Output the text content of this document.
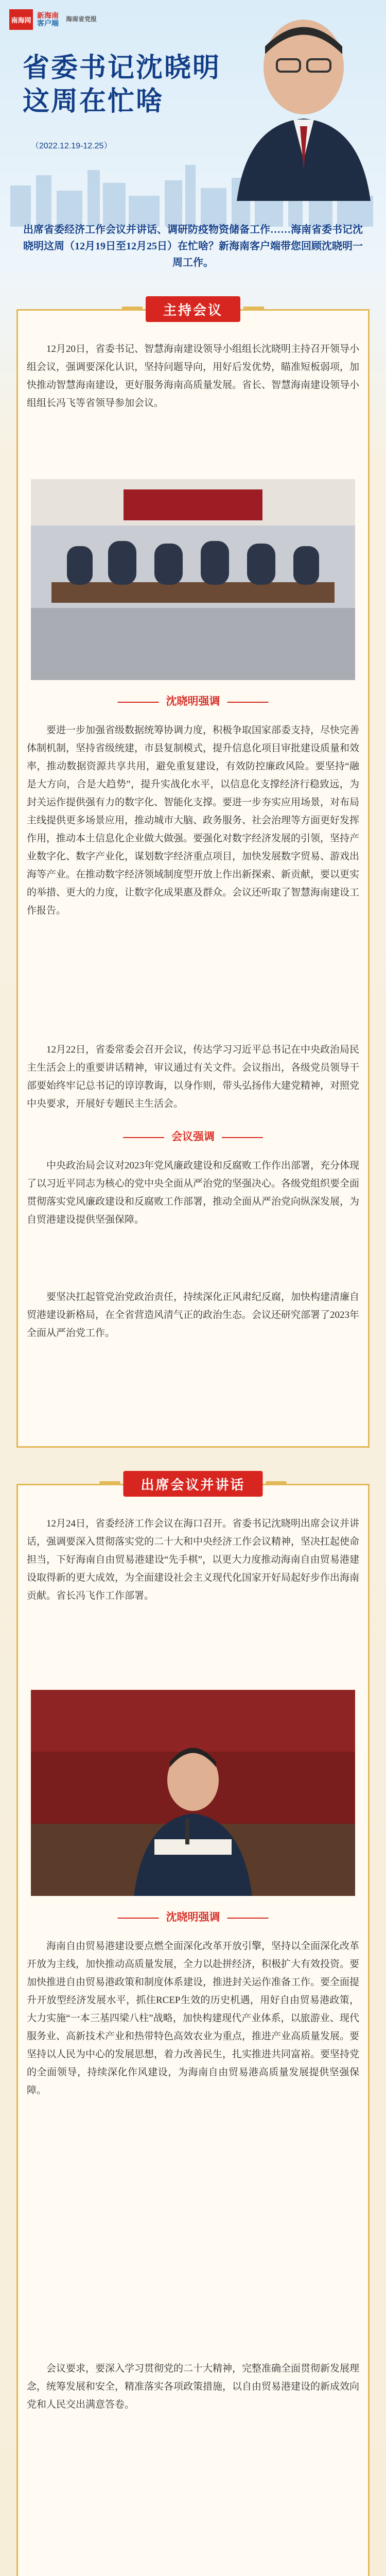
南海网
新海南
客户端 海南省党报
省委书记沈晓明这周在忙啥
（2022.12.19-12.25）
出席省委经济工作会议并讲话、调研防疫物资储备工作……海南省委书记沈晓明这周（12月19日至12月25日）在忙啥？新海南客户端带您回顾沈晓明一周工作。
主持会议
12月20日，省委书记、智慧海南建设领导小组组长沈晓明主持召开领导小组会议，强调要深化认识，坚持问题导向，用好后发优势，瞄准短板弱项，加快推动智慧海南建设，更好服务海南高质量发展。省长、智慧海南建设领导小组组长冯飞等省领导参加会议。
沈晓明强调
要进一步加强省级数据统筹协调力度，积极争取国家部委支持，尽快完善体制机制，坚持省级统建，市县复制模式，提升信息化项目审批建设质量和效率，推动数据资源共享共用，避免重复建设，有效防控廉政风险。要坚持“融是大方向，合是大趋势”，提升实战化水平，以信息化支撑经济行稳致远，为封关运作提供强有力的数字化、智能化支撑。要进一步夯实应用场景，对布局主线提供更多场景应用，推动城市大脑、政务服务、社会治理等方面更好发挥作用，推动本土信息化企业做大做强。要强化对数字经济发展的引领，坚持产业数字化、数字产业化，谋划数字经济重点项目，加快发展数字贸易、游戏出海等产业。在推动数字经济领域制度型开放上作出新探索、新贡献，要以更实的举措、更大的力度，让数字化成果惠及群众。会议还听取了智慧海南建设工作报告。
12月22日，省委常委会召开会议，传达学习习近平总书记在中央政治局民主生活会上的重要讲话精神，审议通过有关文件。会议指出，各级党员领导干部要始终牢记总书记的谆谆教诲，以身作则，带头弘扬伟大建党精神，对照党中央要求，开展好专题民主生活会。
会议强调
中央政治局会议对2023年党风廉政建设和反腐败工作作出部署，充分体现了以习近平同志为核心的党中央全面从严治党的坚强决心。各级党组织要全面贯彻落实党风廉政建设和反腐败工作部署，推动全面从严治党向纵深发展，为自贸港建设提供坚强保障。
要坚决扛起管党治党政治责任，持续深化正风肃纪反腐，加快构建清廉自贸港建设新格局，在全省营造风清气正的政治生态。会议还研究部署了2023年全面从严治党工作。
出席会议并讲话
12月24日，省委经济工作会议在海口召开。省委书记沈晓明出席会议并讲话，强调要深入贯彻落实党的二十大和中央经济工作会议精神，坚决扛起使命担当，下好海南自由贸易港建设“先手棋”，以更大力度推动海南自由贸易港建设取得新的更大成效，为全面建设社会主义现代化国家开好局起好步作出海南贡献。省长冯飞作工作部署。
沈晓明强调
海南自由贸易港建设要点燃全面深化改革开放引擎，坚持以全面深化改革开放为主线，加快推动高质量发展，全力以赴拼经济，积极扩大有效投资。要加快推进自由贸易港政策和制度体系建设，推进封关运作准备工作。要全面提升开放型经济发展水平，抓住RCEP生效的历史机遇，用好自由贸易港政策，大力实施“一本三基四梁八柱”战略，加快构建现代产业体系，以旅游业、现代服务业、高新技术产业和热带特色高效农业为重点，推进产业高质量发展。要坚持以人民为中心的发展思想，着力改善民生，扎实推进共同富裕。要坚持党的全面领导，持续深化作风建设，为海南自由贸易港高质量发展提供坚强保障。
会议要求，要深入学习贯彻党的二十大精神，完整准确全面贯彻新发展理念，统筹发展和安全，精准落实各项政策措施，以自由贸易港建设的新成效向党和人民交出满意答卷。
